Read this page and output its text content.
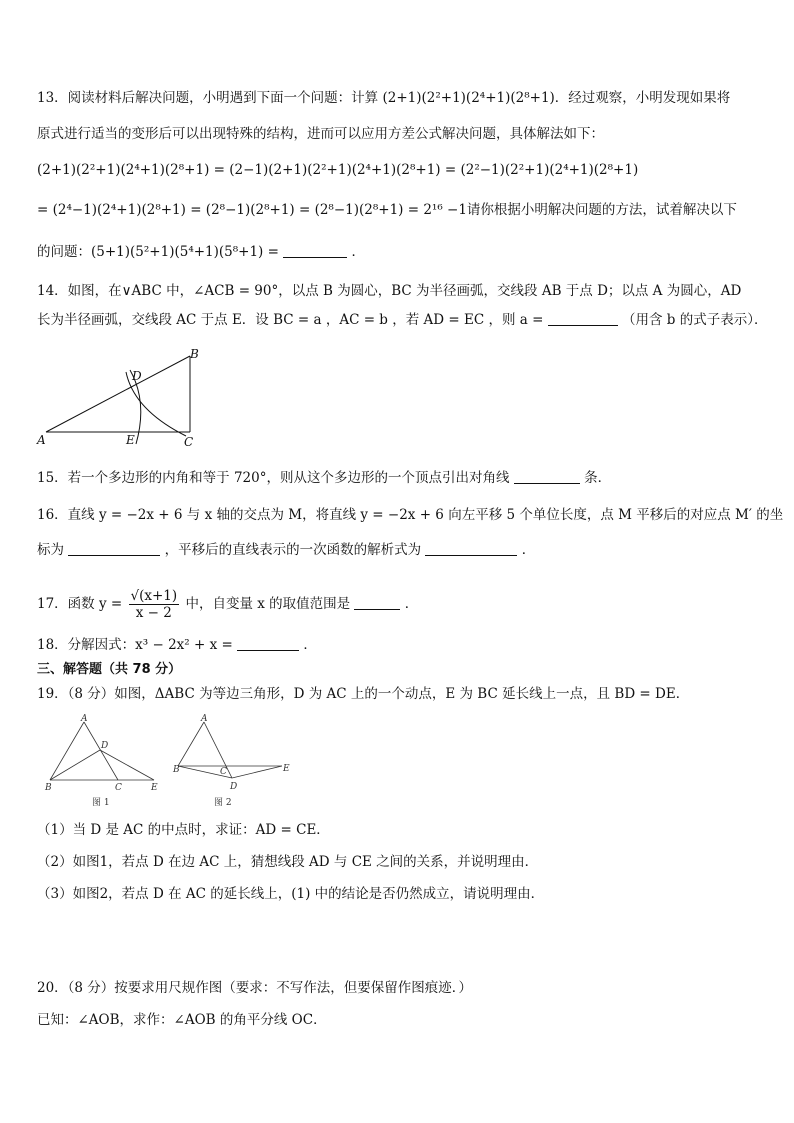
13．阅读材料后解决问题，小明遇到下面一个问题：计算 (2+1)(2²+1)(2⁴+1)(2⁸+1)．经过观察，小明发现如果将
原式进行适当的变形后可以出现特殊的结构，进而可以应用方差公式解决问题，具体解法如下：
(2+1)(2²+1)(2⁴+1)(2⁸+1) = (2−1)(2+1)(2²+1)(2⁴+1)(2⁸+1) = (2²−1)(2²+1)(2⁴+1)(2⁸+1)
= (2⁴−1)(2⁴+1)(2⁸+1) = (2⁸−1)(2⁸+1) = (2⁸−1)(2⁸+1) = 2¹⁶ −1请你根据小明解决问题的方法，试着解决以下
的问题：(5+1)(5²+1)(5⁴+1)(5⁸+1) =	．
14．如图，在∨ABC 中，∠ACB = 90°，以点 B 为圆心，BC 为半径画弧，交线段 AB 于点 D；以点 A 为圆心，AD
长为半径画弧，交线段 AC 于点 E．设 BC = a ，AC = b ，若 AD = EC ，则 a =	（用含 b 的式子表示）．
B
D
A	E	C
15．若一个多边形的内角和等于 720°，则从这个多边形的一个顶点引出对角线	条．
16．直线 y = −2x + 6 与 x 轴的交点为 M，将直线 y = −2x + 6 向左平移 5 个单位长度，点 M 平移后的对应点 M′ 的坐
标为	，平移后的直线表示的一次函数的解析式为	．
17．函数 $y = \frac{√(x+1)}{x - 2}$ 中，自变量 x 的取值范围是	．
18．分解因式：x³ − 2x² + x =	．
三、解答题（共 78 分）
19．（8 分）如图，ΔABC 为等边三角形，D 为 AC 上的一个动点，E 为 BC 延长线上一点，且 BD = DE．
A
D
B	C	E
图 1
A
B	C
D
E
图 2
（1）当 D 是 AC 的中点时，求证：AD = CE．
（2）如图1，若点 D 在边 AC 上，猜想线段 AD 与 CE 之间的关系，并说明理由．
（3）如图2，若点 D 在 AC 的延长线上，(1) 中的结论是否仍然成立，请说明理由．
20．（8 分）按要求用尺规作图（要求：不写作法，但要保留作图痕迹．）
已知：∠AOB，求作：∠AOB 的角平分线 OC．
